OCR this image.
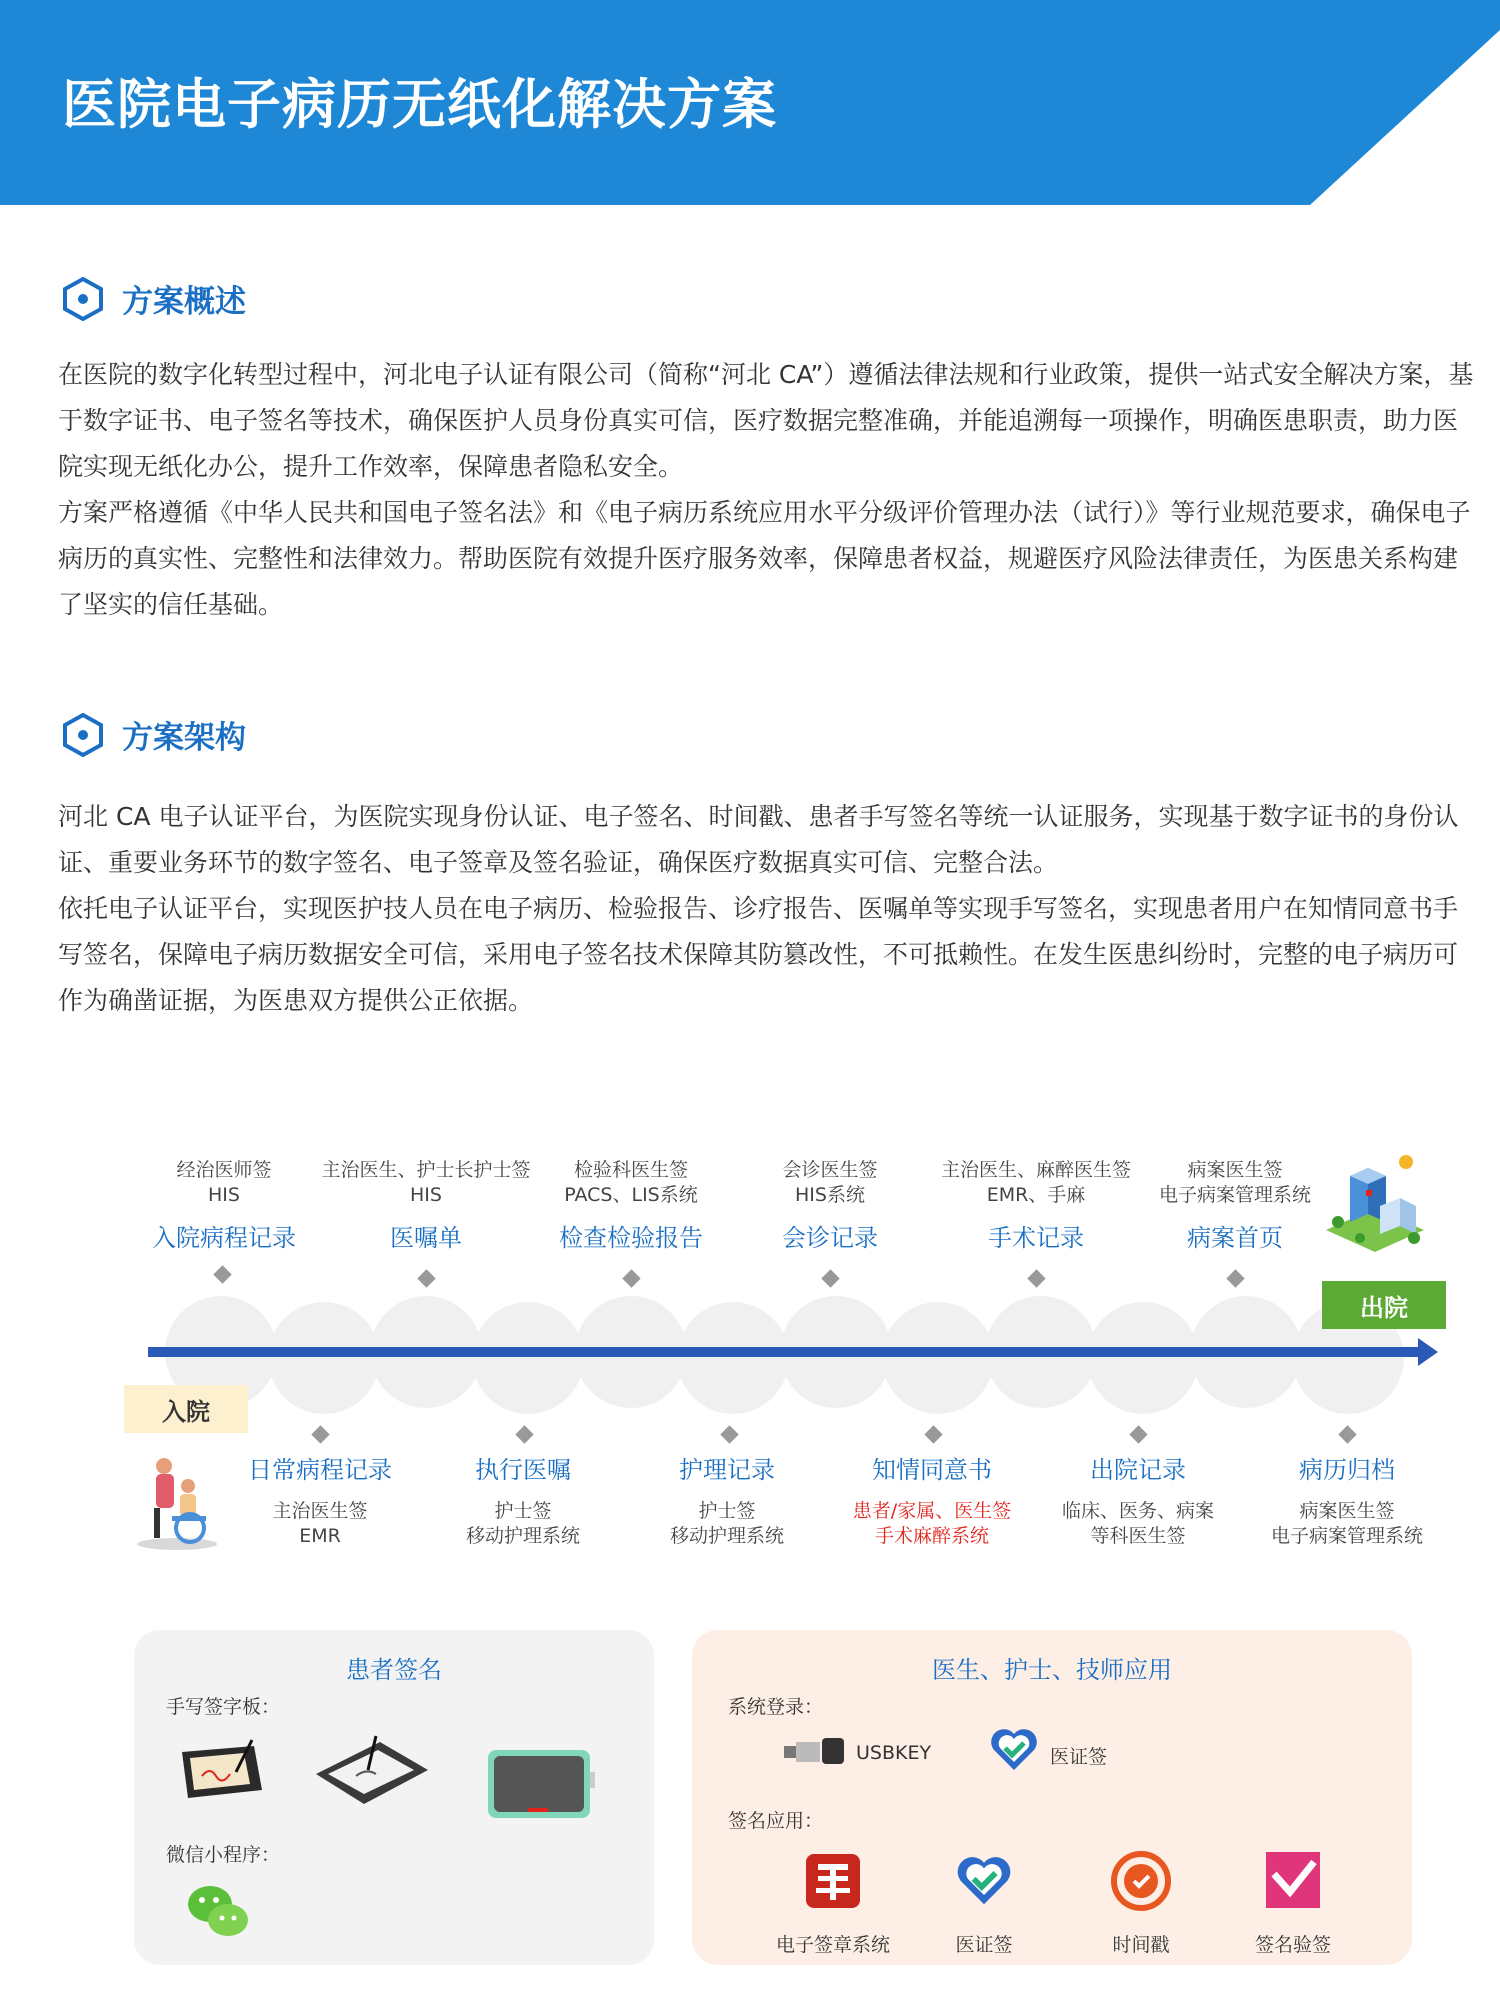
医院电子病历无纸化解决方案
方案概述
在医院的数字化转型过程中，河北电子认证有限公司（简称“河北 CA”）遵循法律法规和行业政策，提供一站式安全解决方案，基于数字证书、电子签名等技术，确保医护人员身份真实可信，医疗数据完整准确，并能追溯每一项操作，明确医患职责，助力医院实现无纸化办公，提升工作效率，保障患者隐私安全。
方案严格遵循《中华人民共和国电子签名法》和《电子病历系统应用水平分级评价管理办法（试行）》等行业规范要求，确保电子病历的真实性、完整性和法律效力。帮助医院有效提升医疗服务效率，保障患者权益，规避医疗风险法律责任，为医患关系构建了坚实的信任基础。
方案架构
河北 CA 电子认证平台，为医院实现身份认证、电子签名、时间戳、患者手写签名等统一认证服务，实现基于数字证书的身份认证、重要业务环节的数字签名、电子签章及签名验证，确保医疗数据真实可信、完整合法。
依托电子认证平台，实现医护技人员在电子病历、检验报告、诊疗报告、医嘱单等实现手写签名，实现患者用户在知情同意书手写签名，保障电子病历数据安全可信，采用电子签名技术保障其防篡改性，不可抵赖性。在发生医患纠纷时，完整的电子病历可作为确凿证据，为医患双方提供公正依据。
经治医师签
HIS
入院病程记录
主治医生、护士长护士签
HIS
医嘱单
检验科医生签
PACS、LIS系统
检查检验报告
会诊医生签
HIS系统
会诊记录
主治医生、麻醉医生签
EMR、手麻
手术记录
病案医生签
电子病案管理系统
病案首页
出院
入院
日常病程记录
主治医生签
EMR
执行医嘱
护士签
移动护理系统
护理记录
护士签
移动护理系统
知情同意书
患者/家属、医生签
手术麻醉系统
出院记录
临床、医务、病案
等科医生签
病历归档
病案医生签
电子病案管理系统
患者签名
手写签字板：
微信小程序：
医生、护士、技师应用
系统登录：
USBKEY	医证签
签名应用：
电子签章系统	医证签	时间戳	签名验签
